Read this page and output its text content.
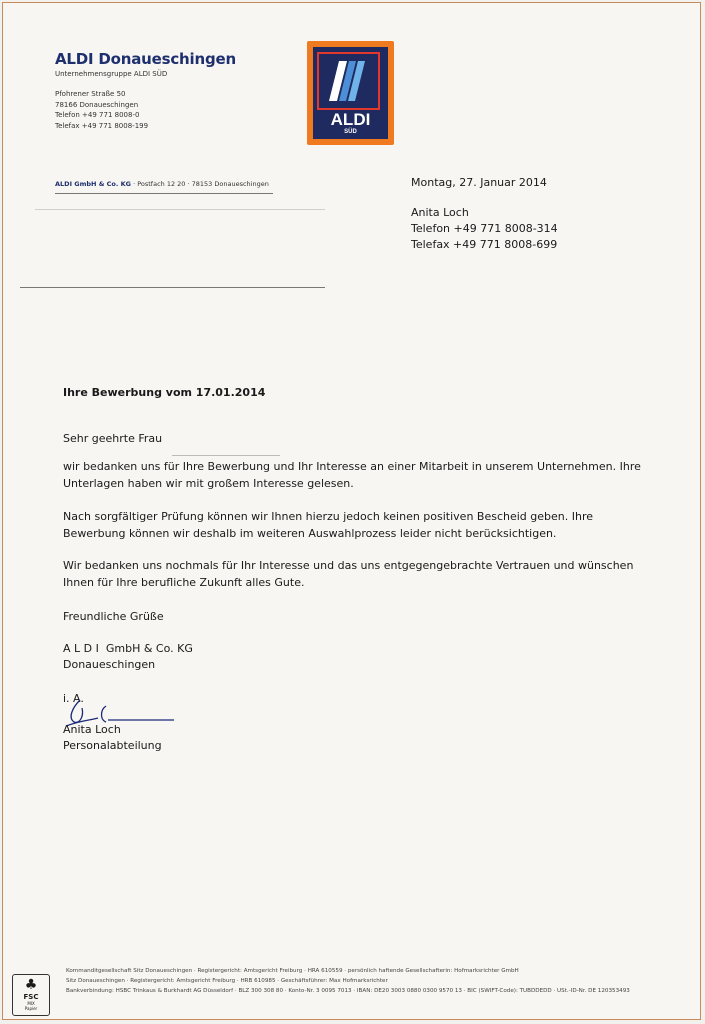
ALDI Donaueschingen
Unternehmensgruppe ALDI SÜD
Pfohrener Straße 50
78166 Donaueschingen
Telefon +49 771 8008-0
Telefax +49 771 8008-199	ALDI
SÜD
ALDI GmbH & Co. KG · Postfach 12 20 · 78153 Donaueschingen	Montag, 27. Januar 2014
Anita Loch
Telefon +49 771 8008-314
Telefax +49 771 8008-699
Ihre Bewerbung vom 17.01.2014
Sehr geehrte Frau
wir bedanken uns für Ihre Bewerbung und Ihr Interesse an einer Mitarbeit in unserem Unternehmen. Ihre
Unterlagen haben wir mit großem Interesse gelesen.
Nach sorgfältiger Prüfung können wir Ihnen hierzu jedoch keinen positiven Bescheid geben. Ihre
Bewerbung können wir deshalb im weiteren Auswahlprozess leider nicht berücksichtigen.
Wir bedanken uns nochmals für Ihr Interesse und das uns entgegengebrachte Vertrauen und wünschen
Ihnen für Ihre berufliche Zukunft alles Gute.
Freundliche Grüße
A L D I  GmbH & Co. KG
Donaueschingen
i. A.
Anita Loch
Personalabteilung
♣
FSC
MIX
Papier
Kommanditgesellschaft Sitz Donaueschingen · Registergericht: Amtsgericht Freiburg · HRA 610559 · persönlich haftende Gesellschafterin: Hofmarksrichter GmbH
Sitz Donaueschingen · Registergericht: Amtsgericht Freiburg · HRB 610985 · Geschäftsführer: Max Hofmarksrichter
Bankverbindung: HSBC Trinkaus & Burkhardt AG Düsseldorf · BLZ 300 308 80 · Konto-Nr. 3 0095 7013 · IBAN: DE20 3003 0880 0300 9570 13 · BIC (SWIFT-Code): TUBDDEDD · USt.-ID-Nr. DE 120353493
